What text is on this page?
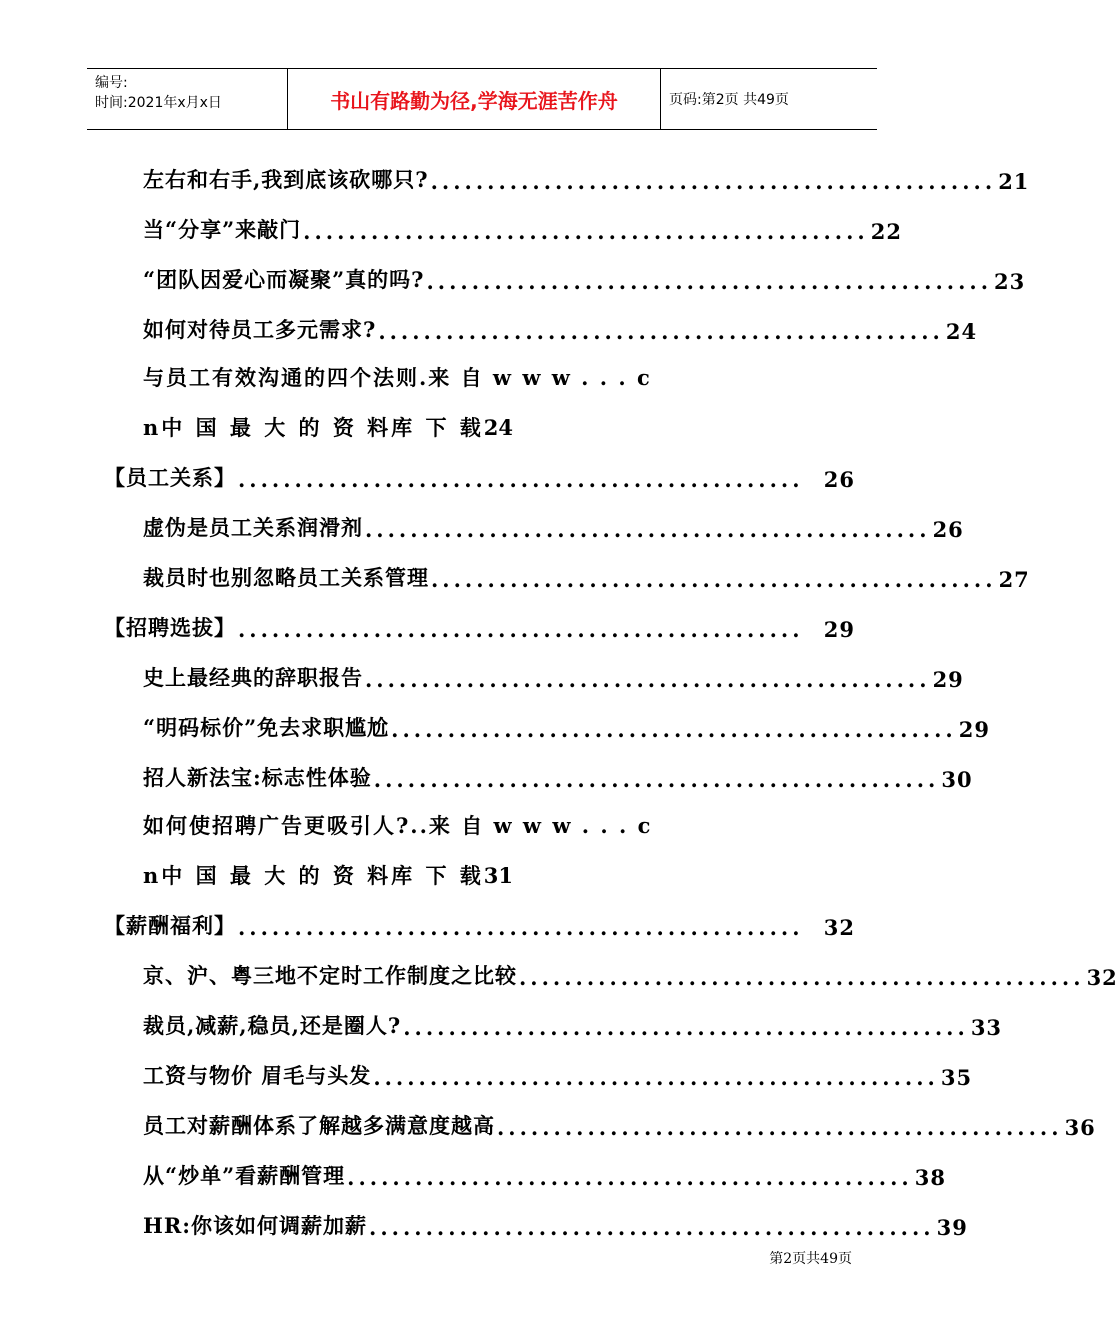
编号:
时间:2021年x月x日	书山有路勤为径,学海无涯苦作舟	页码:第2页 共49页
左右和右手,我到底该砍哪只? .................................................. 21
当“分享”来敲门 .................................................. 22
“团队因爱心而凝聚”真的吗? .................................................. 23
如何对待员工多元需求? .................................................. 24
与员工有效沟通的四个法则.来 自 w w w . . . c
n中 国 最 大 的 资 料库 下 载24
【员工关系】 .................................................. 26
虚伪是员工关系润滑剂 .................................................. 26
裁员时也别忽略员工关系管理 .................................................. 27
【招聘选拔】 .................................................. 29
史上最经典的辞职报告 .................................................. 29
“明码标价”免去求职尴尬 .................................................. 29
招人新法宝:标志性体验 .................................................. 30
如何使招聘广告更吸引人?..来 自 w w w . . . c
n中 国 最 大 的 资 料库 下 载31
【薪酬福利】 .................................................. 32
京、沪、粤三地不定时工作制度之比较 .................................................. 32
裁员,减薪,稳员,还是圈人? .................................................. 33
工资与物价 眉毛与头发 .................................................. 35
员工对薪酬体系了解越多满意度越高 .................................................. 36
从“炒单”看薪酬管理 .................................................. 38
HR:你该如何调薪加薪 .................................................. 39
第2页共49页
